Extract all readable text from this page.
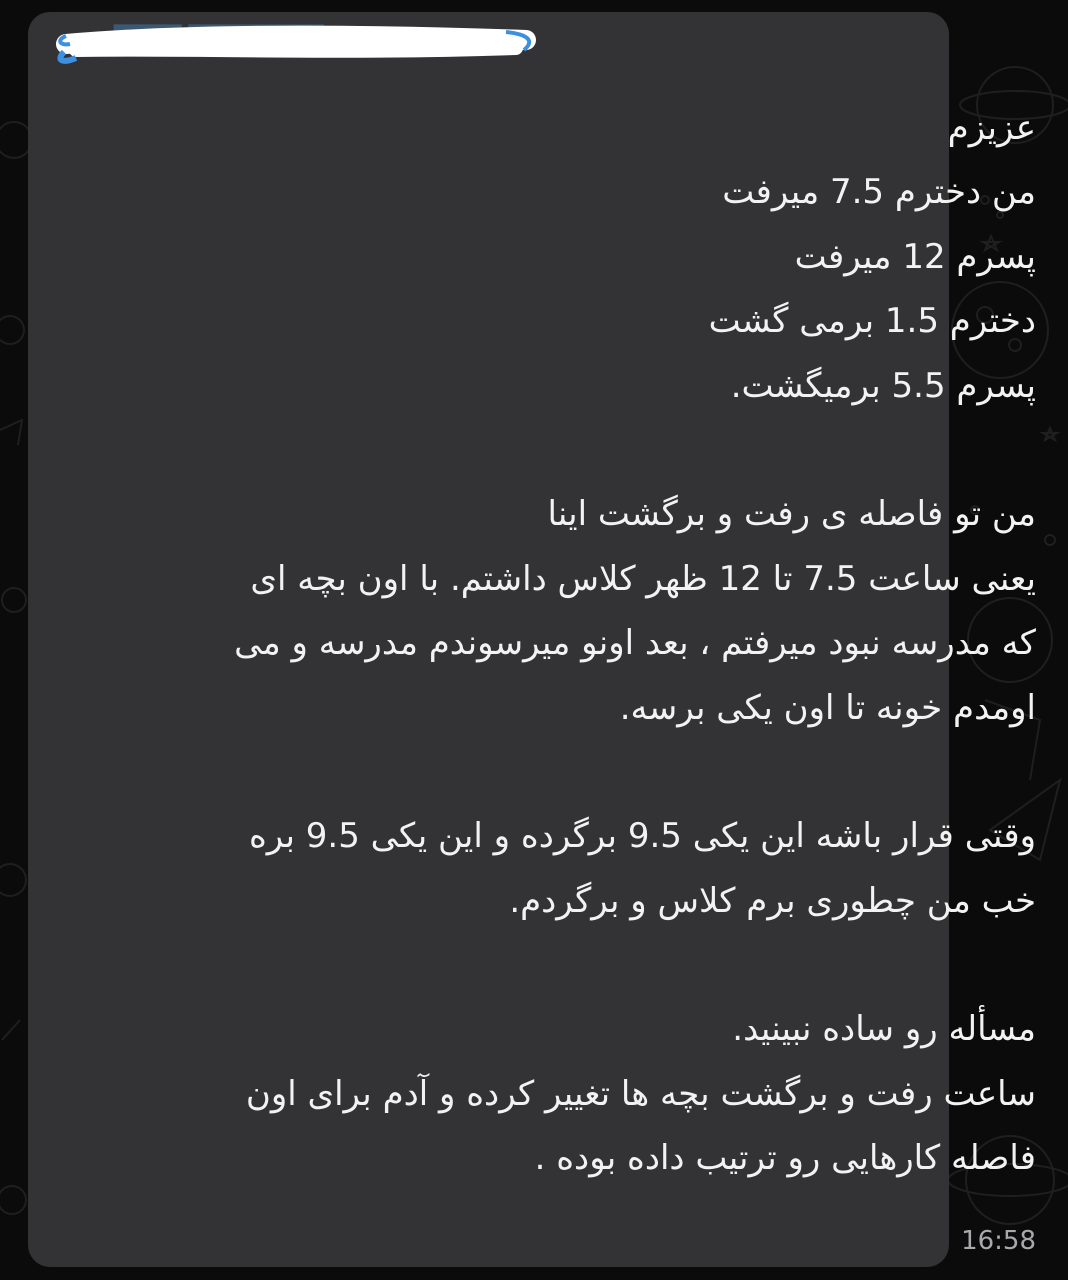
████████ ████
عزیزم
من دخترم 7.5 میرفت
پسرم 12 میرفت
دخترم 1.5 برمی گشت
پسرم 5.5 برمیگشت.
من تو فاصله ی رفت و برگشت اینا
یعنی ساعت 7.5 تا 12 ظهر کلاس داشتم. با اون بچه ای
که مدرسه نبود میرفتم ، بعد اونو میرسوندم مدرسه و می
اومدم خونه تا اون یکی برسه.
وقتی قرار باشه این یکی 9.5 برگرده و این یکی 9.5 بره
خب من چطوری برم کلاس و برگردم.
مسأله رو ساده نبینید.
ساعت رفت و برگشت بچه ها تغییر کرده و آدم برای اون
فاصله کارهایی رو ترتیب داده بوده .
16:58
